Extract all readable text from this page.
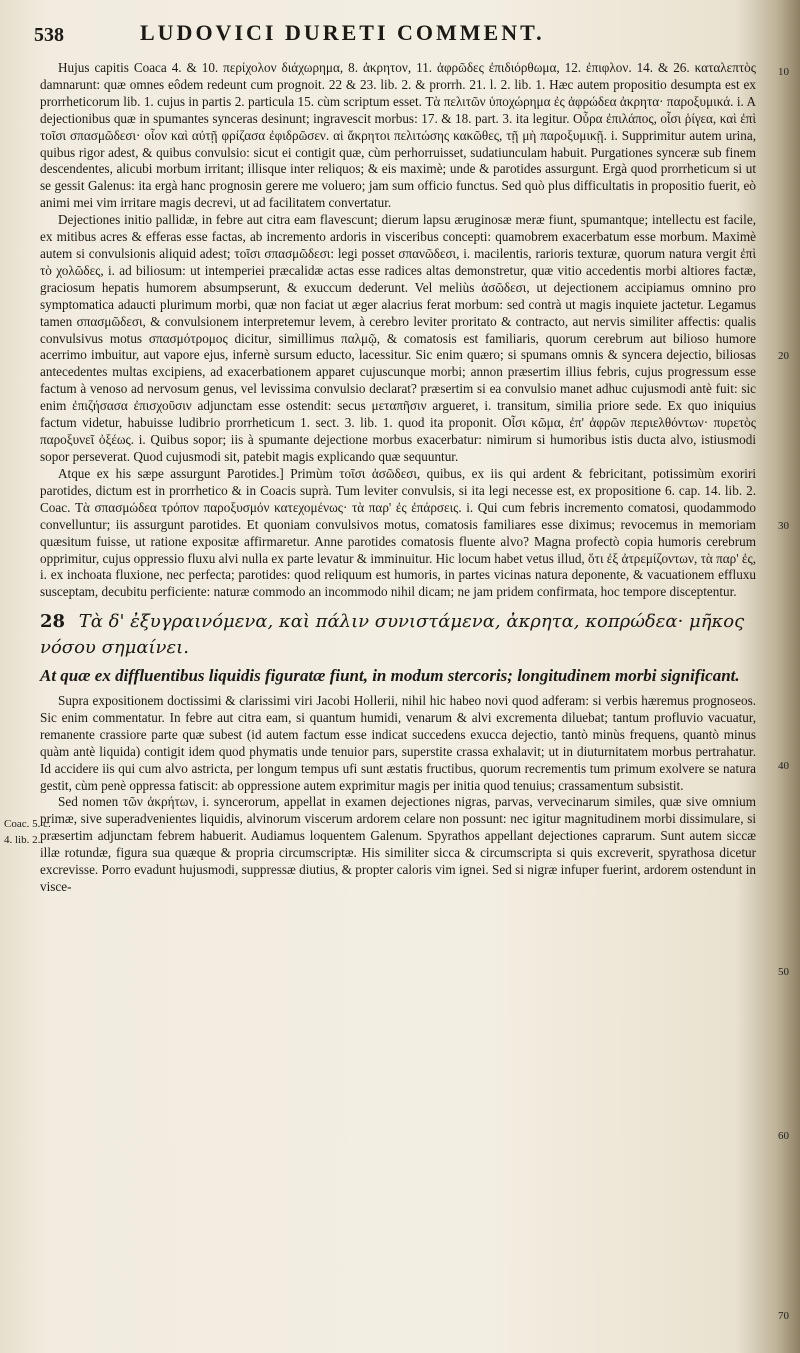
538	LUDOVICI DURETI COMMENT.
Coac. 5. c.
4. lib. 2.
10
20
30
40
50
60
70

Hujus capitis Coaca 4. & 10. περίχολον διάχωρημα, 8. ἀκρητον, 11. ἀφρῶδες ἐπιδιόρθωμα, 12. ἐπιφλον. 14. & 26. καταλεπτὸς damnarunt: quæ omnes eôdem redeunt cum prognoit. 22 & 23. lib. 2. & prorrh. 21. l. 2. lib. 1. Hæc autem propositio desumpta est ex prorrheticorum lib. 1. cujus in partis 2. particula 15. cùm scriptum esset. Τὰ πελιτῶν ὑποχώρημα ἐς ἀφρώδεα ἀκρητα· παροξυμικά. i. A dejectionibus quæ in spumantes synceras desinunt; ingravescit morbus: 17. & 18. part. 3. ita legitur. Οὗρα ἐπιλάπος, οἷσι ῥίγεα, καὶ ἐπὶ τοῖσι σπασμῶδεσι· οἷον καὶ αὐτῇ φρίζασα ἐφιδρῶσεν. αἱ ἄκρητοι πελιτώσης κακῶθες, τῇ μὴ παροξυμικῇ. i. Supprimitur autem urina, quibus rigor adest, & quibus convulsio: sicut ei contigit quæ, cùm perhorruisset, sudatiunculam habuit. Purgationes synceræ sub finem descendentes, alicubi morbum irritant; illisque inter reliquos; & eis maximè; unde & parotides assurgunt. Ergà quod prorrheticum si ut se gessit Galenus: ita ergà hanc prognosin gerere me voluero; jam sum officio functus. Sed quò plus difficultatis in propositio fuerit, eò animi mei vim irritare magis decrevi, ut ad facilitatem convertatur.

Dejectiones initio pallidæ, in febre aut citra eam flavescunt; dierum lapsu æruginosæ meræ fiunt, spumantque; intellectu est facile, ex mitibus acres & efferas esse factas, ab incremento ardoris in visceribus concepti: quamobrem exacerbatum esse morbum. Maximè autem si convulsionis aliquid adest; τοῖσι σπασμῶδεσι: legi posset σπανῶδεσι, i. macilentis, rarioris texturæ, quorum natura vergit ἐπὶ τὸ χολῶδες, i. ad biliosum: ut intemperiei præcalidæ actas esse radices altas demonstretur, quæ vitio accedentis morbi altiores factæ, graciosum hepatis humorem absumpserunt, & exuccum dederunt. Vel meliùs ἀσῶδεσι, ut dejectionem accipiamus omnino pro symptomatica adaucti plurimum morbi, quæ non faciat ut æger alacrius ferat morbum: sed contrà ut magis inquiete jactetur. Legamus tamen σπασμῶδεσι, & convulsionem interpretemur levem, à cerebro leviter proritato & contracto, aut nervis similiter affectis: qualis convulsivus motus σπασμότρομος dicitur, simillimus παλμῷ, & comatosis est familiaris, quorum cerebrum aut bilioso humore acerrimo imbuitur, aut vapore ejus, infernè sursum educto, lacessitur. Sic enim quæro; si spumans omnis & syncera dejectio, biliosas antecedentes multas excipiens, ad exacerbationem apparet cujuscunque morbi; annon præsertim illius febris, cujus progressum esse factum à venoso ad nervosum genus, vel levissima convulsio declarat? præsertim si ea convulsio manet adhuc cujusmodi antè fuit: sic enim ἐπιζήσασα ἐπισχοῦσιν adjunctam esse ostendit: secus μεταπῆσιν argueret, i. transitum, similia priore sede. Ex quo iniquius factum videtur, habuisse ludibrio prorrheticum 1. sect. 3. lib. 1. quod ita proponit. Οἷσι κῶμα, ἐπ' ἀφρῶν περιελθόντων· πυρετὸς παροξυνεῖ ὀξέως. i. Quibus sopor; iis à spumante dejectione morbus exacerbatur: nimirum si humoribus istis ducta alvo, istiusmodi sopor perseverat. Quod cujusmodi sit, patebit magis explicando quæ sequuntur.

Atque ex his sæpe assurgunt Parotides.] Primùm τοῖσι ἀσῶδεσι, quibus, ex iis qui ardent & febricitant, potissimùm exoriri parotides, dictum est in prorrhetico & in Coacis suprà. Tum leviter convulsis, si ita legi necesse est, ex propositione 6. cap. 14. lib. 2. Coac. Τὰ σπασμώδεα τρόπον παροξυσμόν κατεχομένως· τὰ παρ' ἐς ἐπάρσεις. i. Qui cum febris incremento comatosi, quodammodo convelluntur; iis assurgunt parotides. Et quoniam convulsivos motus, comatosis familiares esse diximus; revocemus in memoriam quæsitum fuisse, ut ratione expositæ affirmaretur. Anne parotides comatosis fluente alvo? Magna profectò copia humoris cerebrum opprimitur, cujus oppressio fluxu alvi nulla ex parte levatur & imminuitur. Hic locum habet vetus illud, ὅτι ἐξ ἀτρεμίζοντων, τὰ παρ' ἐς, i. ex inchoata fluxione, nec perfecta; parotides: quod reliquum est humoris, in partes vicinas natura deponente, & vacuationem effluxu susceptam, decubitu perficiente: naturæ commodo an incommodo nihil dicam; ne jam pridem confirmata, hoc tempore disceptentur.

28 Τὰ δ' ἐξυγραινόμενα, καὶ πάλιν συνιστάμενα, ἀκρητα, κοπρώδεα· μῆκος νόσου σημαίνει.
At quæ ex diffluentibus liquidis figuratæ fiunt, in modum stercoris; longitudinem morbi significant.

Supra expositionem doctissimi & clarissimi viri Jacobi Hollerii, nihil hic habeo novi quod adferam: si verbis hæremus prognoseos. Sic enim commentatur. In febre aut citra eam, si quantum humidi, venarum & alvi excrementa diluebat; tantum profluvio vacuatur, remanente crassiore parte quæ subest (id autem factum esse indicat succedens exucca dejectio, tantò minùs frequens, quantò minus quàm antè liquida) contigit idem quod phymatis unde tenuior pars, superstite crassa exhalavit; ut in diuturnitatem morbus pertrahatur. Id accidere iis qui cum alvo astricta, per longum tempus ufi sunt æstatis fructibus, quorum recrementis tum primum exolvere se natura gestit, cùm penè oppressa fatiscit: ab oppressione autem exprimitur magis per initia quod tenuius; crassamentum subsistit.

Sed nomen τῶν ἀκρήτων, i. syncerorum, appellat in examen dejectiones nigras, parvas, vervecinarum similes, quæ sive omnium primæ, sive superadvenientes liquidis, alvinorum viscerum ardorem celare non possunt: nec igitur magnitudinem morbi dissimulare, si præsertim adjunctam febrem habuerit. Audiamus loquentem Galenum. Spyrathos appellant dejectiones caprarum. Sunt autem siccæ illæ rotundæ, figura sua quæque & propria circumscriptæ. His similiter sicca & circumscripta si quis excreverit, spyrathosa dicetur excrevisse. Porro evadunt hujusmodi, suppressæ diutius, & propter caloris vim ignei. Sed si nigræ infuper fuerint, ardorem ostendunt in visce-
